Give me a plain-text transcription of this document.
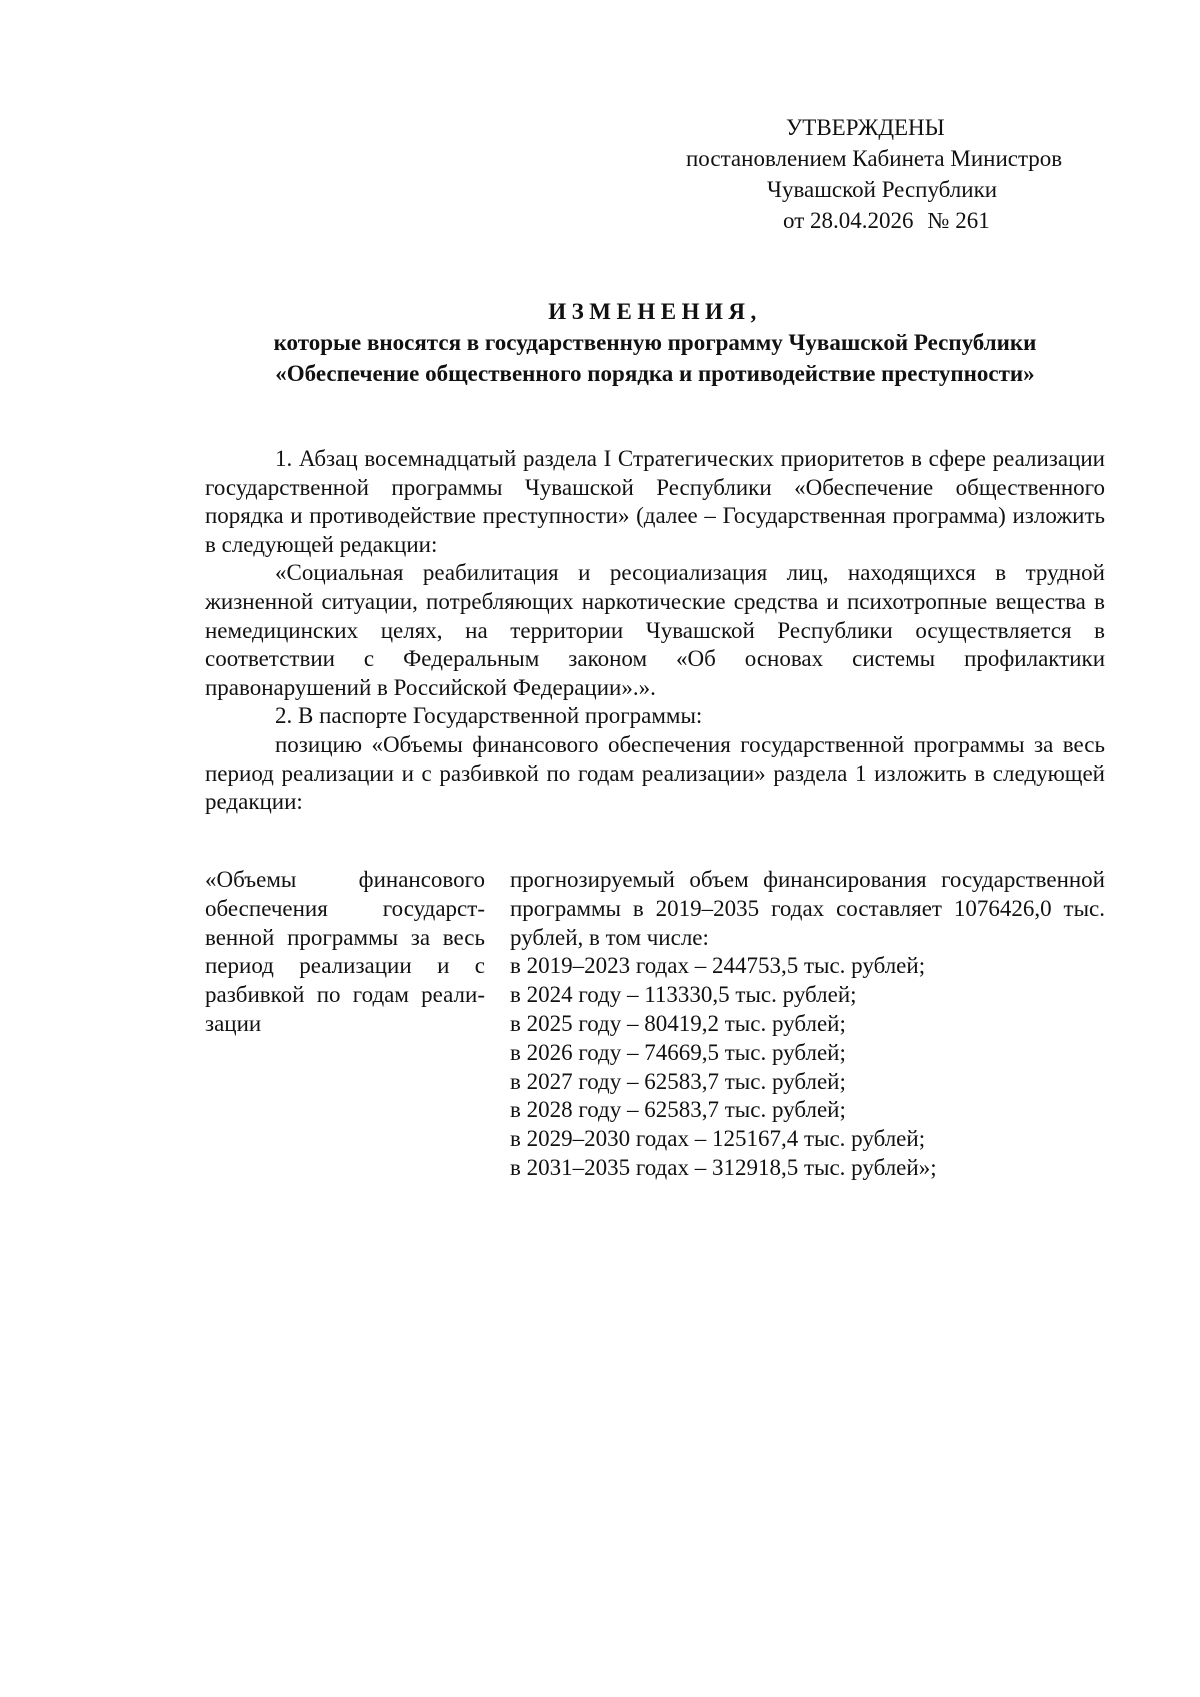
УТВЕРЖДЕНЫ
постановлением Кабинета Министров
Чувашской Республики
от 28.04.2026 № 261
ИЗМЕНЕНИЯ,
которые вносятся в государственную программу Чувашской Республики
«Обеспечение общественного порядка и противодействие преступности»

1. Абзац восемнадцатый раздела I Стратегических приоритетов в сфере реализации государственной программы Чувашской Республики «Обеспечение общественного порядка и противодействие преступности» (далее – Государственная программа) изложить в следующей редакции:

«Социальная реабилитация и ресоциализация лиц, находящихся в трудной жизненной ситуации, потребляющих наркотические средства и психотропные вещества в немедицинских целях, на территории Чувашской Республики осуществляется в соответствии с Федеральным законом «Об основах системы профилактики правонарушений в Российской Федерации».».

2. В паспорте Государственной программы:

позицию «Объемы финансового обеспечения государственной программы за весь период реализации и с разбивкой по годам реализации» раздела 1 изложить в следующей редакции:

«Объемы финансового обеспечения государственной программы за весь период реализации и с разбивкой по годам реализации
прогнозируемый объем финансирования государственной программы в 2019–2035 годах составляет 1076426,0 тыс. рублей, в том числе:
в 2019–2023 годах – 244753,5 тыс. рублей;
в 2024 году – 113330,5 тыс. рублей;
в 2025 году – 80419,2 тыс. рублей;
в 2026 году – 74669,5 тыс. рублей;
в 2027 году – 62583,7 тыс. рублей;
в 2028 году – 62583,7 тыс. рублей;
в 2029–2030 годах – 125167,4 тыс. рублей;
в 2031–2035 годах – 312918,5 тыс. рублей»;
